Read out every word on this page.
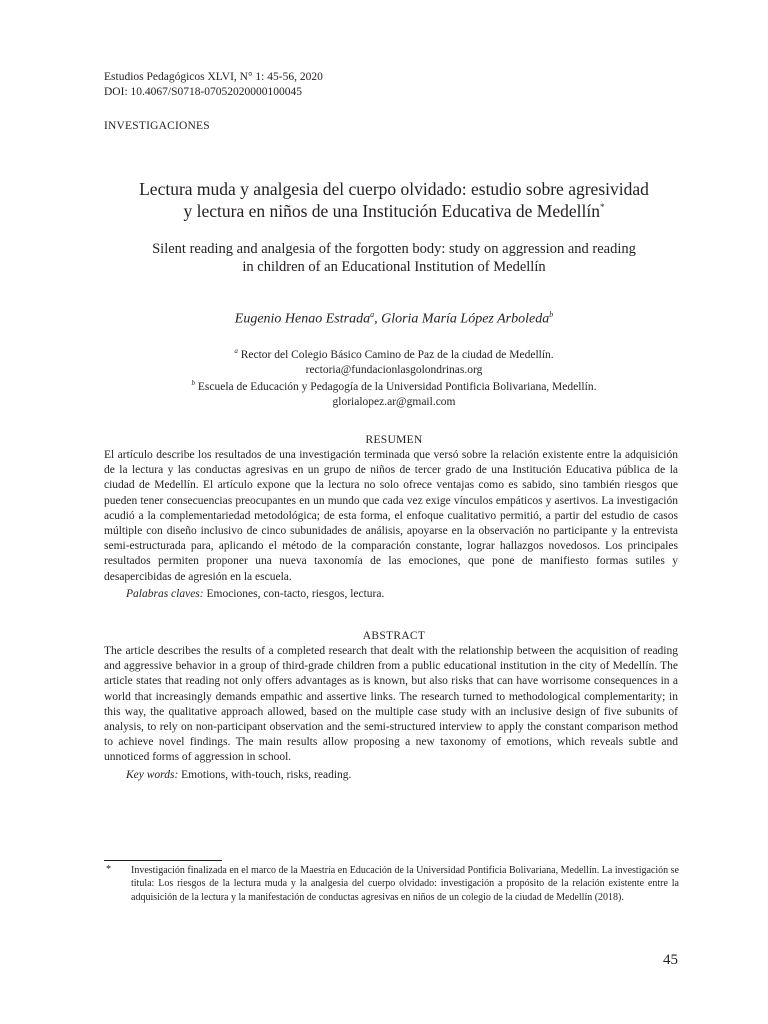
Estudios Pedagógicos XLVI, N° 1: 45-56, 2020
DOI: 10.4067/S0718-07052020000100045
INVESTIGACIONES
Lectura muda y analgesia del cuerpo olvidado: estudio sobre agresividad
y lectura en niños de una Institución Educativa de Medellín*
Silent reading and analgesia of the forgotten body: study on aggression and reading
in children of an Educational Institution of Medellín
Eugenio Henao Estrada$^a$, Gloria María López Arboleda$^b$
$^a$ Rector del Colegio Básico Camino de Paz de la ciudad de Medellín.
rectoria@fundacionlasgolondrinas.org
$^b$ Escuela de Educación y Pedagogía de la Universidad Pontificia Bolivariana, Medellín.
glorialopez.ar@gmail.com
RESUMEN

El artículo describe los resultados de una investigación terminada que versó sobre la relación existente entre la adquisición de la lectura y las conductas agresivas en un grupo de niños de tercer grado de una Institución Educativa pública de la ciudad de Medellín. El artículo expone que la lectura no solo ofrece ventajas como es sabido, sino también riesgos que pueden tener consecuencias preocupantes en un mundo que cada vez exige vínculos empáticos y asertivos. La investigación acudió a la complementariedad metodológica; de esta forma, el enfoque cualitativo permitió, a partir del estudio de casos múltiple con diseño inclusivo de cinco subunidades de análisis, apoyarse en la observación no participante y la entrevista semi-estructurada para, aplicando el método de la comparación constante, lograr hallazgos novedosos. Los principales resultados permiten proponer una nueva taxonomía de las emociones, que pone de manifiesto formas sutiles y desapercibidas de agresión en la escuela.

Palabras claves: Emociones, con-tacto, riesgos, lectura.

ABSTRACT

The article describes the results of a completed research that dealt with the relationship between the acquisition of reading and aggressive behavior in a group of third-grade children from a public educational institution in the city of Medellín. The article states that reading not only offers advantages as is known, but also risks that can have worrisome consequences in a world that increasingly demands empathic and assertive links. The research turned to methodological complementarity; in this way, the qualitative approach allowed, based on the multiple case study with an inclusive design of five subunits of analysis, to rely on non-participant observation and the semi-structured interview to apply the constant comparison method to achieve novel findings. The main results allow proposing a new taxonomy of emotions, which reveals subtle and unnoticed forms of aggression in school.

Key words: Emotions, with-touch, risks, reading.

* Investigación finalizada en el marco de la Maestría en Educación de la Universidad Pontificia Bolivariana, Medellín. La investigación se titula: Los riesgos de la lectura muda y la analgesia del cuerpo olvidado: investigación a propósito de la relación existente entre la adquisición de la lectura y la manifestación de conductas agresivas en niños de un colegio de la ciudad de Medellín (2018).
45
